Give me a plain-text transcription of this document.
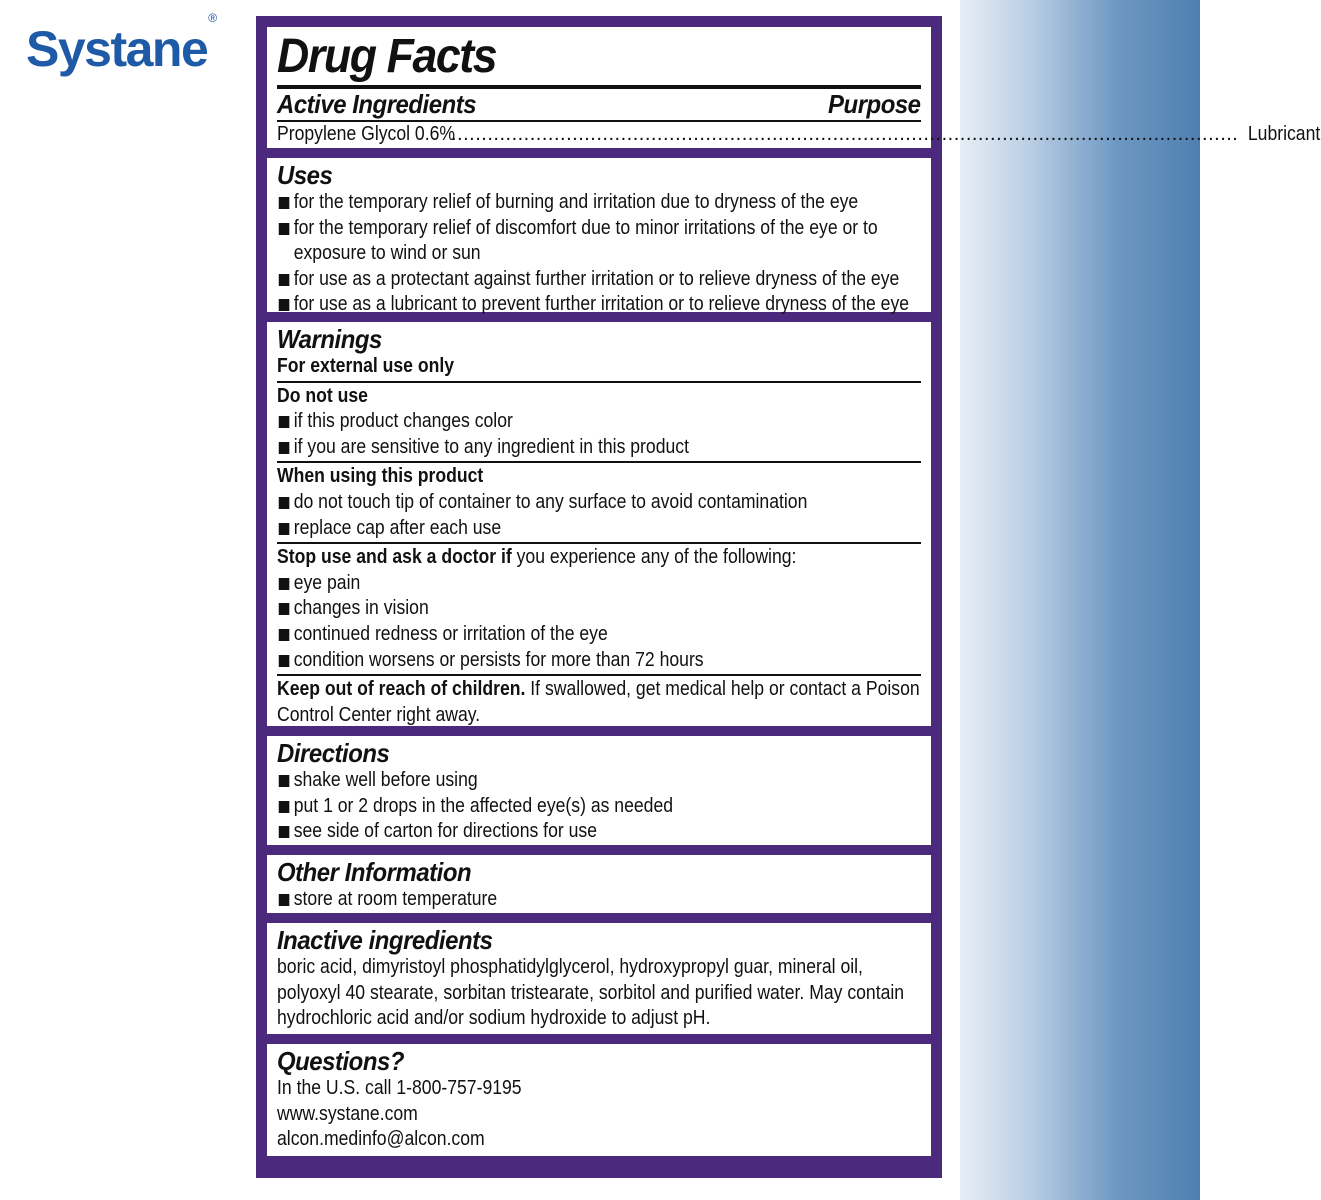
Systane®
Drug Facts
Active Ingredients	Purpose
Propylene Glycol 0.6%
.................................................................................................................................. Lubricant
Uses
for the temporary relief of burning and irritation due to dryness of the eye
for the temporary relief of discomfort due to minor irritations of the eye or to
exposure to wind or sun
for use as a protectant against further irritation or to relieve dryness of the eye
for use as a lubricant to prevent further irritation or to relieve dryness of the eye
Warnings
For external use only
Do not use
if this product changes color
if you are sensitive to any ingredient in this product
When using this product
do not touch tip of container to any surface to avoid contamination
replace cap after each use
Stop use and ask a doctor if you experience any of the following:
eye pain
changes in vision
continued redness or irritation of the eye
condition worsens or persists for more than 72 hours
Keep out of reach of children. If swallowed, get medical help or contact a Poison
Control Center right away.
Directions
shake well before using
put 1 or 2 drops in the affected eye(s) as needed
see side of carton for directions for use
Other Information
store at room temperature
Inactive ingredients
boric acid, dimyristoyl phosphatidylglycerol, hydroxypropyl guar, mineral oil,
polyoxyl 40 stearate, sorbitan tristearate, sorbitol and purified water. May contain
hydrochloric acid and/or sodium hydroxide to adjust pH.
Questions?
In the U.S. call 1-800-757-9195
www.systane.com
alcon.medinfo@alcon.com
